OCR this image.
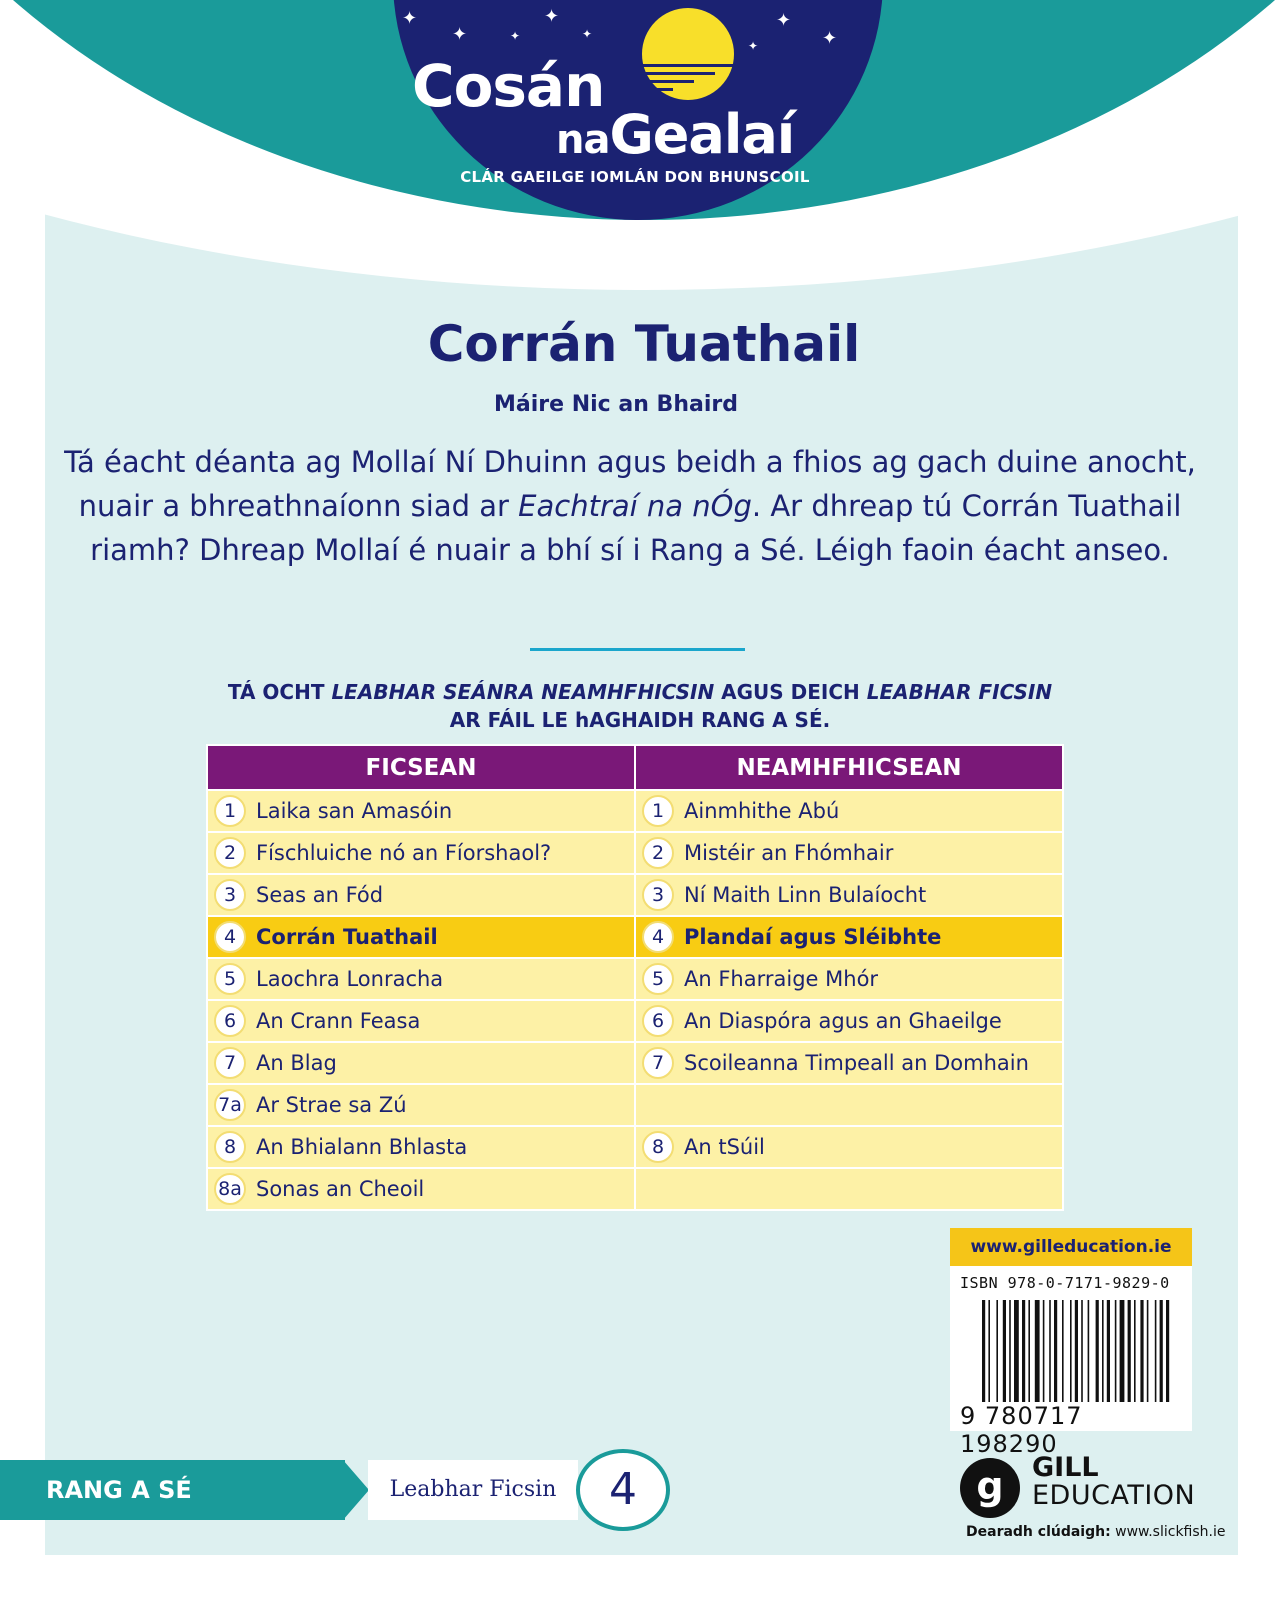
✦
✦	✦
✦
✦
✦
✦
✦
Cosán
naGealaí
CLÁR GAEILGE IOMLÁN DON BHUNSCOIL
Corrán Tuathail
Máire Nic an Bhaird

Tá éacht déanta ag Mollaí Ní Dhuinn agus beidh a fhios ag gach duine anocht, nuair a bhreathnaíonn siad ar Eachtraí na nÓg. Ar dhreap tú Corrán Tuathail riamh? Dhreap Mollaí é nuair a bhí sí i Rang a Sé. Léigh faoin éacht anseo.

TÁ OCHT LEABHAR SEÁNRA NEAMHFHICSIN AGUS DEICH LEABHAR FICSIN
AR FÁIL LE hAGHAIDH RANG A SÉ.
FICSEAN	NEAMHFHICSEAN
1 Laika san Amasóin	1 Ainmhithe Abú
2 Físchluiche nó an Fíorshaol?	2 Mistéir an Fhómhair
3 Seas an Fód	3 Ní Maith Linn Bulaíocht
4 Corrán Tuathail	4 Plandaí agus Sléibhte
5 Laochra Lonracha	5 An Fharraige Mhór
6 An Crann Feasa	6 An Diaspóra agus an Ghaeilge
7 An Blag	7 Scoileanna Timpeall an Domhain
7a Ar Strae sa Zú	
8 An Bhialann Bhlasta	8 An tSúil
8a Sonas an Cheoil	
www.gilleducation.ie
ISBN 978-0-7171-9829-0
9 780717 198290
RANG A SÉ	Leabhar Ficsin	4	g	GILL
EDUCATION
Dearadh clúdaigh: www.slickfish.ie
